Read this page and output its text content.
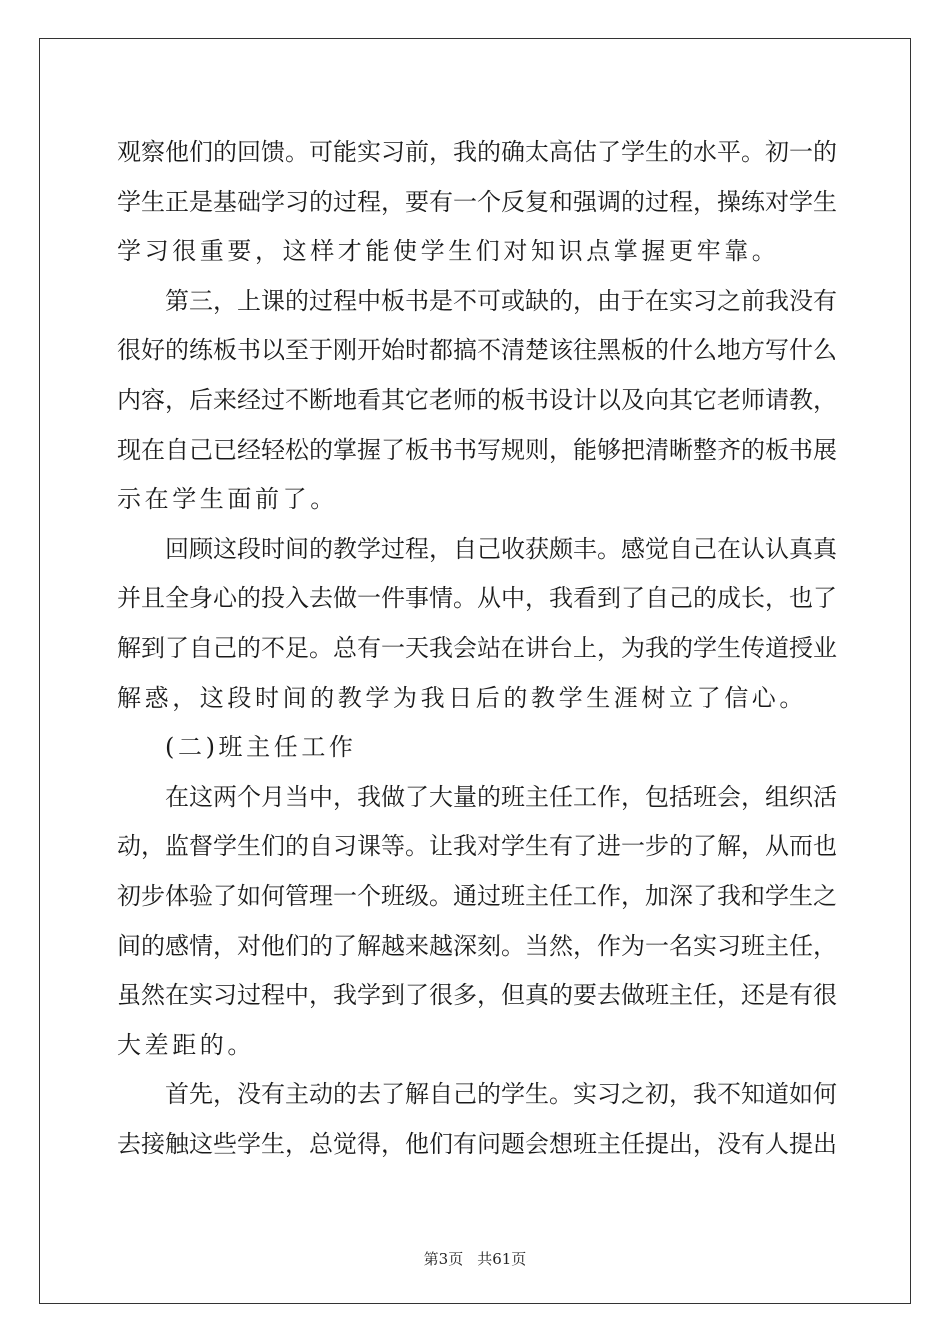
观察他们的回馈。可能实习前，我的确太高估了学生的水平。初一的
学生正是基础学习的过程，要有一个反复和强调的过程，操练对学生
学习很重要，这样才能使学生们对知识点掌握更牢靠。
第三，上课的过程中板书是不可或缺的，由于在实习之前我没有
很好的练板书以至于刚开始时都搞不清楚该往黑板的什么地方写什么
内容，后来经过不断地看其它老师的板书设计以及向其它老师请教，
现在自己已经轻松的掌握了板书书写规则，能够把清晰整齐的板书展
示在学生面前了。
回顾这段时间的教学过程，自己收获颇丰。感觉自己在认认真真
并且全身心的投入去做一件事情。从中，我看到了自己的成长，也了
解到了自己的不足。总有一天我会站在讲台上，为我的学生传道授业
解惑，这段时间的教学为我日后的教学生涯树立了信心。
(二)班主任工作
在这两个月当中，我做了大量的班主任工作，包括班会，组织活
动，监督学生们的自习课等。让我对学生有了进一步的了解，从而也
初步体验了如何管理一个班级。通过班主任工作，加深了我和学生之
间的感情，对他们的了解越来越深刻。当然，作为一名实习班主任，
虽然在实习过程中，我学到了很多，但真的要去做班主任，还是有很
大差距的。
首先，没有主动的去了解自己的学生。实习之初，我不知道如何
去接触这些学生，总觉得，他们有问题会想班主任提出，没有人提出
第3页 共61页
